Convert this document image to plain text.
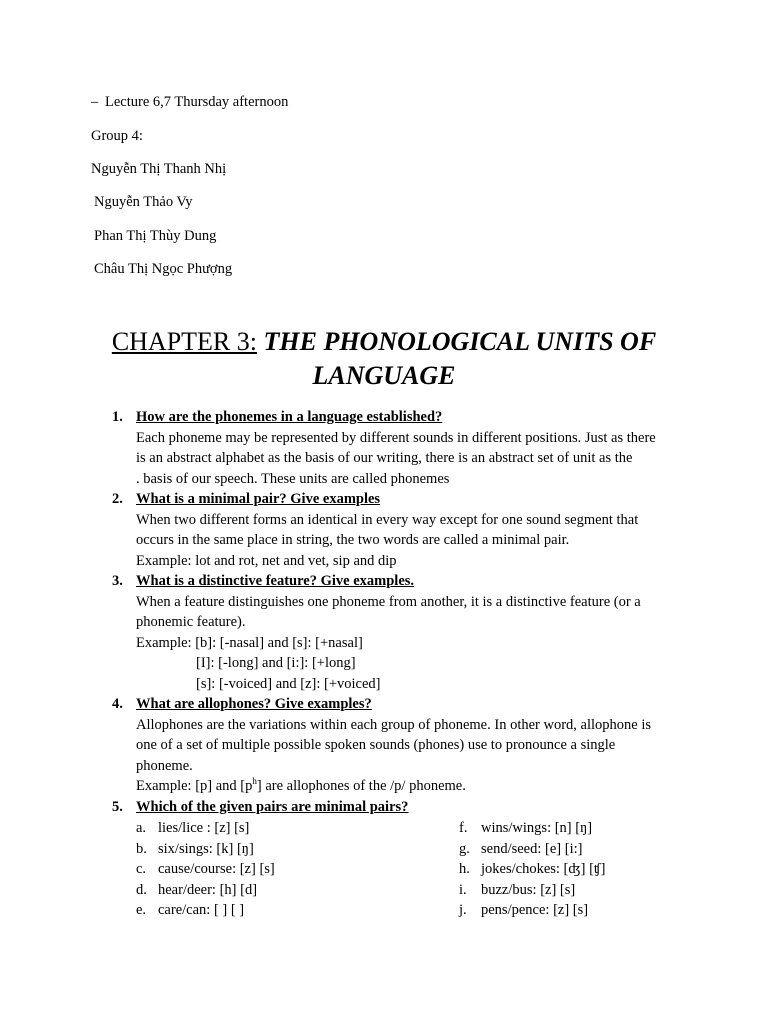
– Lecture 6,7 Thursday afternoon
Group 4:
Nguyễn Thị Thanh Nhị
Nguyễn Thảo Vy
Phan Thị Thùy Dung
Châu Thị Ngọc Phượng
CHAPTER 3: THE PHONOLOGICAL UNITS OF
LANGUAGE
1. How are the phonemes in a language established?
Each phoneme may be represented by different sounds in different positions. Just as there
is an abstract alphabet as the basis of our writing, there is an abstract set of unit as the
. basis of our speech. These units are called phonemes
2. What is a minimal pair? Give examples
When two different forms an identical in every way except for one sound segment that
occurs in the same place in string, the two words are called a minimal pair.
Example: lot and rot, net and vet, sip and dip
3. What is a distinctive feature? Give examples.
When a feature distinguishes one phoneme from another, it is a distinctive feature (or a
phonemic feature).
Example: [b]: [-nasal] and [s]: [+nasal]
[I]: [-long] and [i:]: [+long]
[s]: [-voiced] and [z]: [+voiced]
4. What are allophones? Give examples?
Allophones are the variations within each group of phoneme. In other word, allophone is
one of a set of multiple possible spoken sounds (phones) use to pronounce a single
phoneme.
Example: [p] and $[p^h]$ are allophones of the /p/ phoneme.
5. Which of the given pairs are minimal pairs?
a. lies/lice : [z] [s]
b. six/sings: [k] [ŋ]
c. cause/course: [z] [s]
d. hear/deer: [h] [d]
e. care/can: [ ] [ ]
f. wins/wings: [n] [ŋ]
g. send/seed: [e] [i:]
h. jokes/chokes: [ʤ] [ʧ]
i. buzz/bus: [z] [s]
j. pens/pence: [z] [s]
